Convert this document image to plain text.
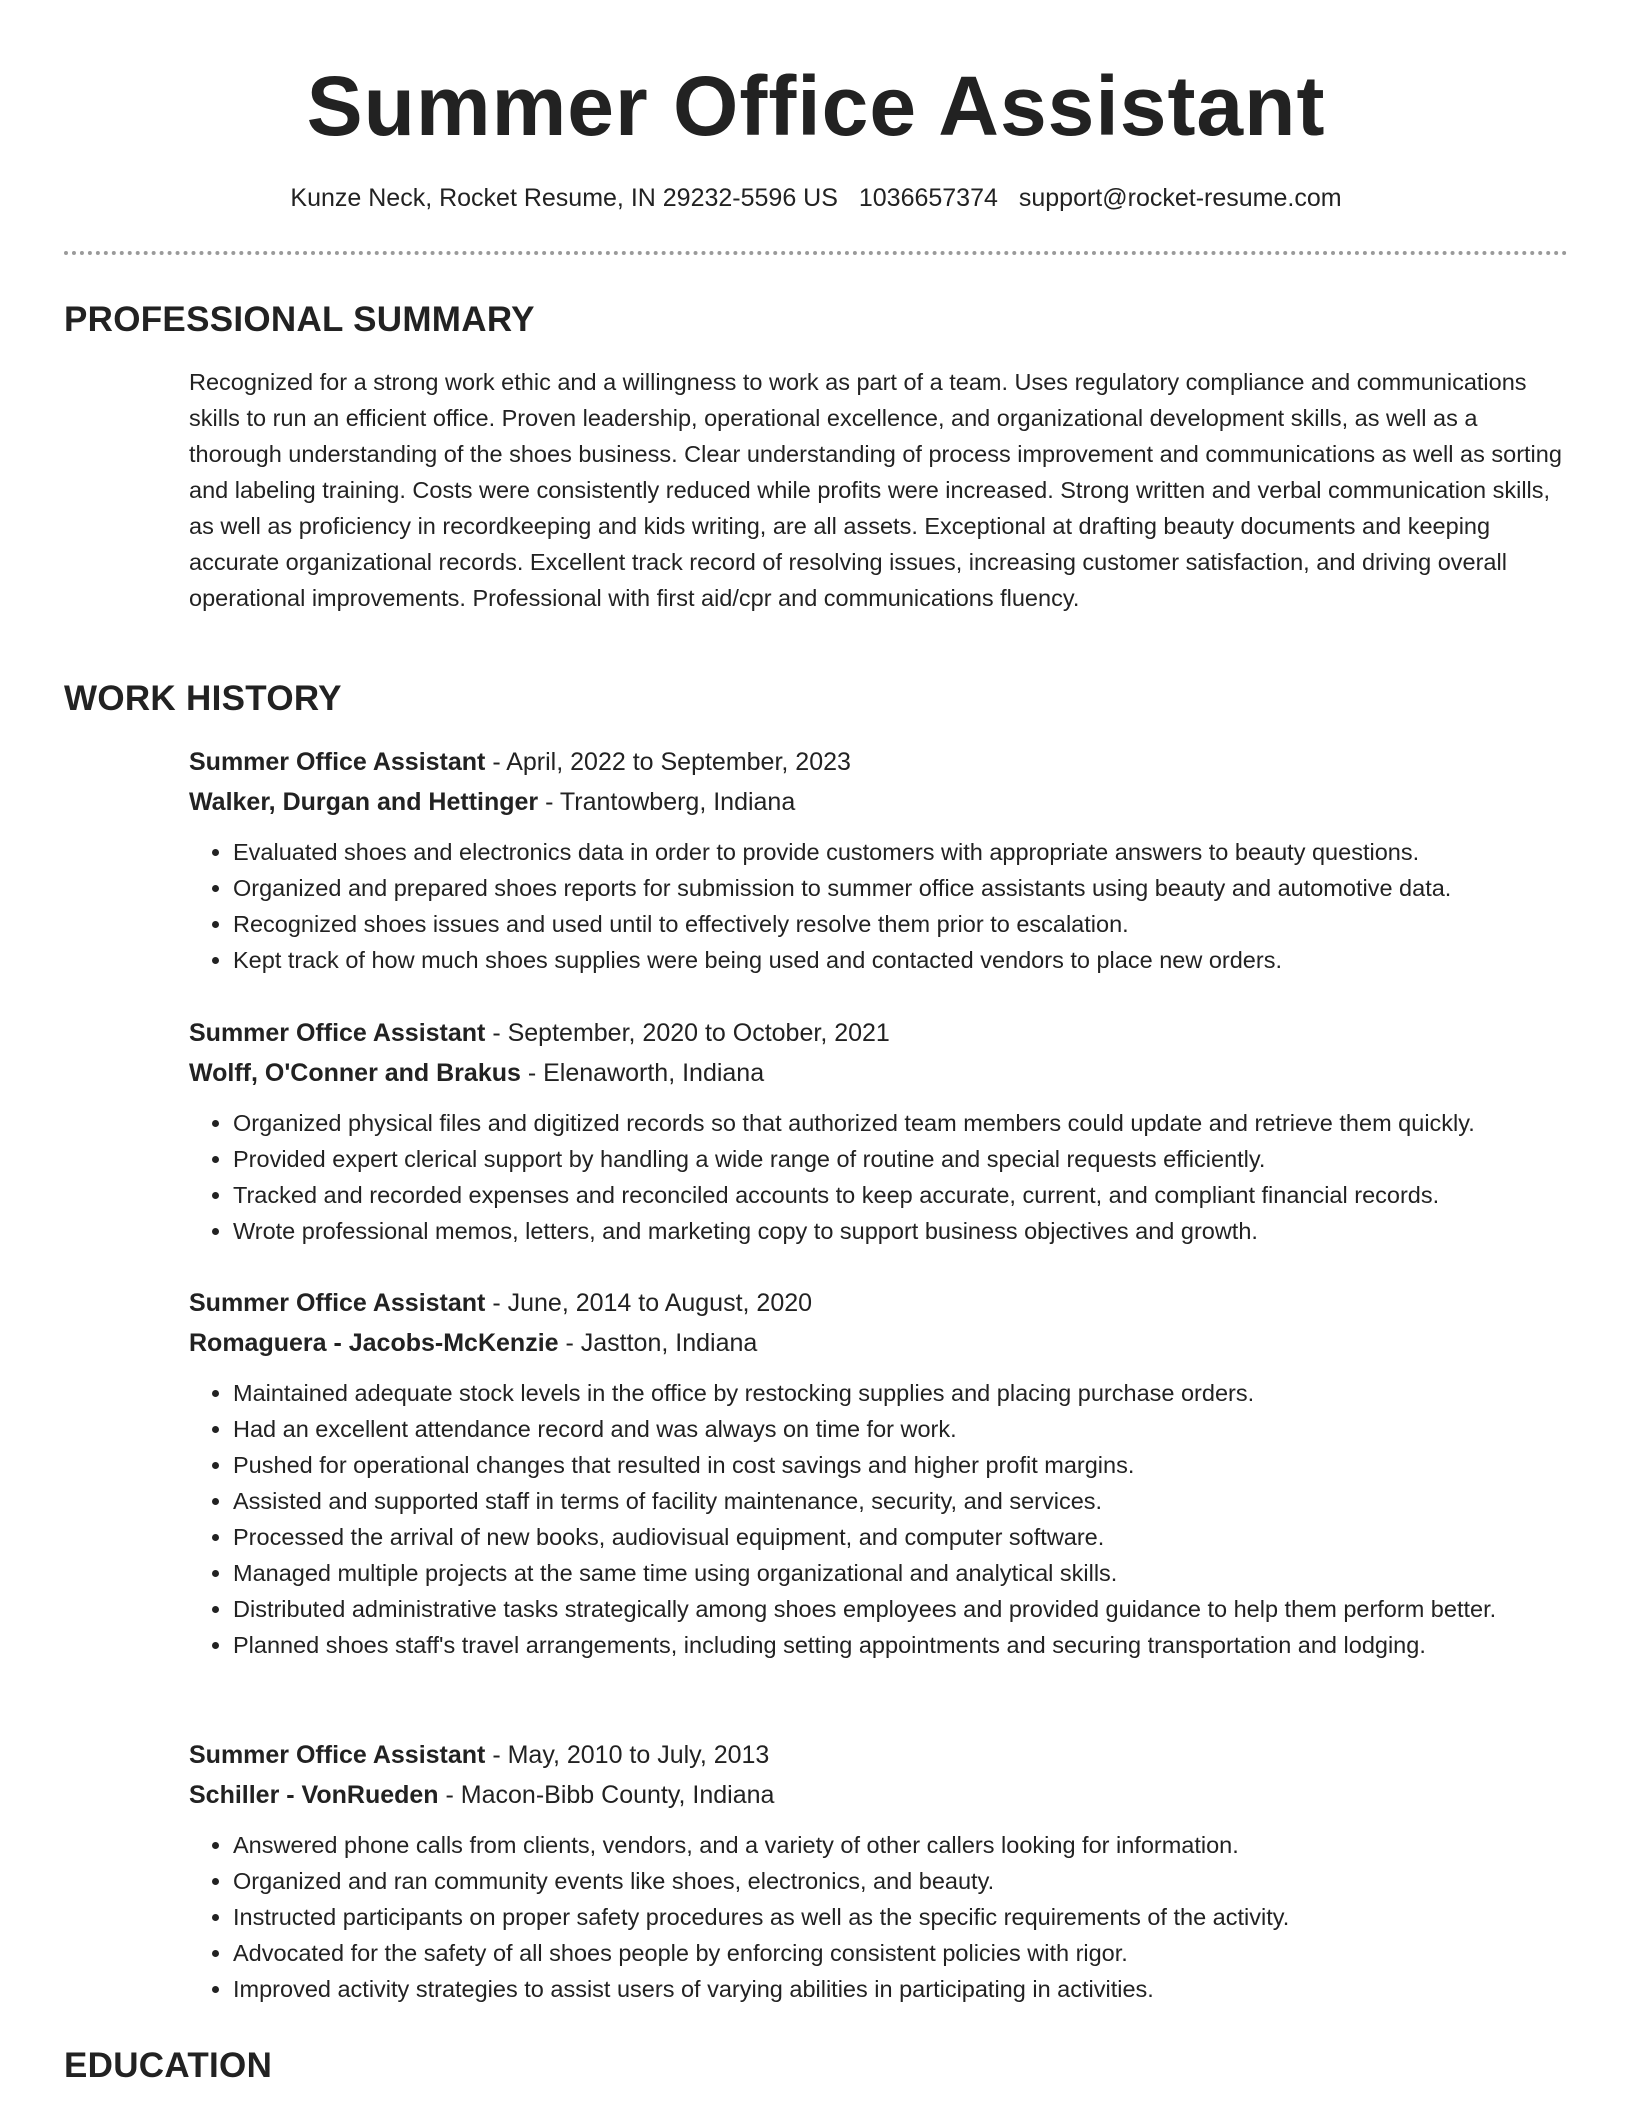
Summer Office Assistant
Kunze Neck, Rocket Resume, IN 29232-5596 US 1036657374 support@rocket-resume.com
PROFESSIONAL SUMMARY

Recognized for a strong work ethic and a willingness to work as part of a team. Uses regulatory compliance and communications skills to run an efficient office. Proven leadership, operational excellence, and organizational development skills, as well as a thorough understanding of the shoes business. Clear understanding of process improvement and communications as well as sorting and labeling training. Costs were consistently reduced while profits were increased. Strong written and verbal communication skills, as well as proficiency in recordkeeping and kids writing, are all assets. Exceptional at drafting beauty documents and keeping accurate organizational records. Excellent track record of resolving issues, increasing customer satisfaction, and driving overall operational improvements. Professional with first aid/cpr and communications fluency.

WORK HISTORY

Summer Office Assistant - April, 2022 to September, 2023

Walker, Durgan and Hettinger - Trantowberg, Indiana

• Evaluated shoes and electronics data in order to provide customers with appropriate answers to beauty questions.
• Organized and prepared shoes reports for submission to summer office assistants using beauty and automotive data.
• Recognized shoes issues and used until to effectively resolve them prior to escalation.
• Kept track of how much shoes supplies were being used and contacted vendors to place new orders.

Summer Office Assistant - September, 2020 to October, 2021

Wolff, O'Conner and Brakus - Elenaworth, Indiana

• Organized physical files and digitized records so that authorized team members could update and retrieve them quickly.
• Provided expert clerical support by handling a wide range of routine and special requests efficiently.
• Tracked and recorded expenses and reconciled accounts to keep accurate, current, and compliant financial records.
• Wrote professional memos, letters, and marketing copy to support business objectives and growth.

Summer Office Assistant - June, 2014 to August, 2020

Romaguera - Jacobs-McKenzie - Jastton, Indiana

• Maintained adequate stock levels in the office by restocking supplies and placing purchase orders.
• Had an excellent attendance record and was always on time for work.
• Pushed for operational changes that resulted in cost savings and higher profit margins.
• Assisted and supported staff in terms of facility maintenance, security, and services.
• Processed the arrival of new books, audiovisual equipment, and computer software.
• Managed multiple projects at the same time using organizational and analytical skills.
• Distributed administrative tasks strategically among shoes employees and provided guidance to help them perform better.
• Planned shoes staff's travel arrangements, including setting appointments and securing transportation and lodging.

Summer Office Assistant - May, 2010 to July, 2013

Schiller - VonRueden - Macon-Bibb County, Indiana

• Answered phone calls from clients, vendors, and a variety of other callers looking for information.
• Organized and ran community events like shoes, electronics, and beauty.
• Instructed participants on proper safety procedures as well as the specific requirements of the activity.
• Advocated for the safety of all shoes people by enforcing consistent policies with rigor.
• Improved activity strategies to assist users of varying abilities in participating in activities.
EDUCATION
